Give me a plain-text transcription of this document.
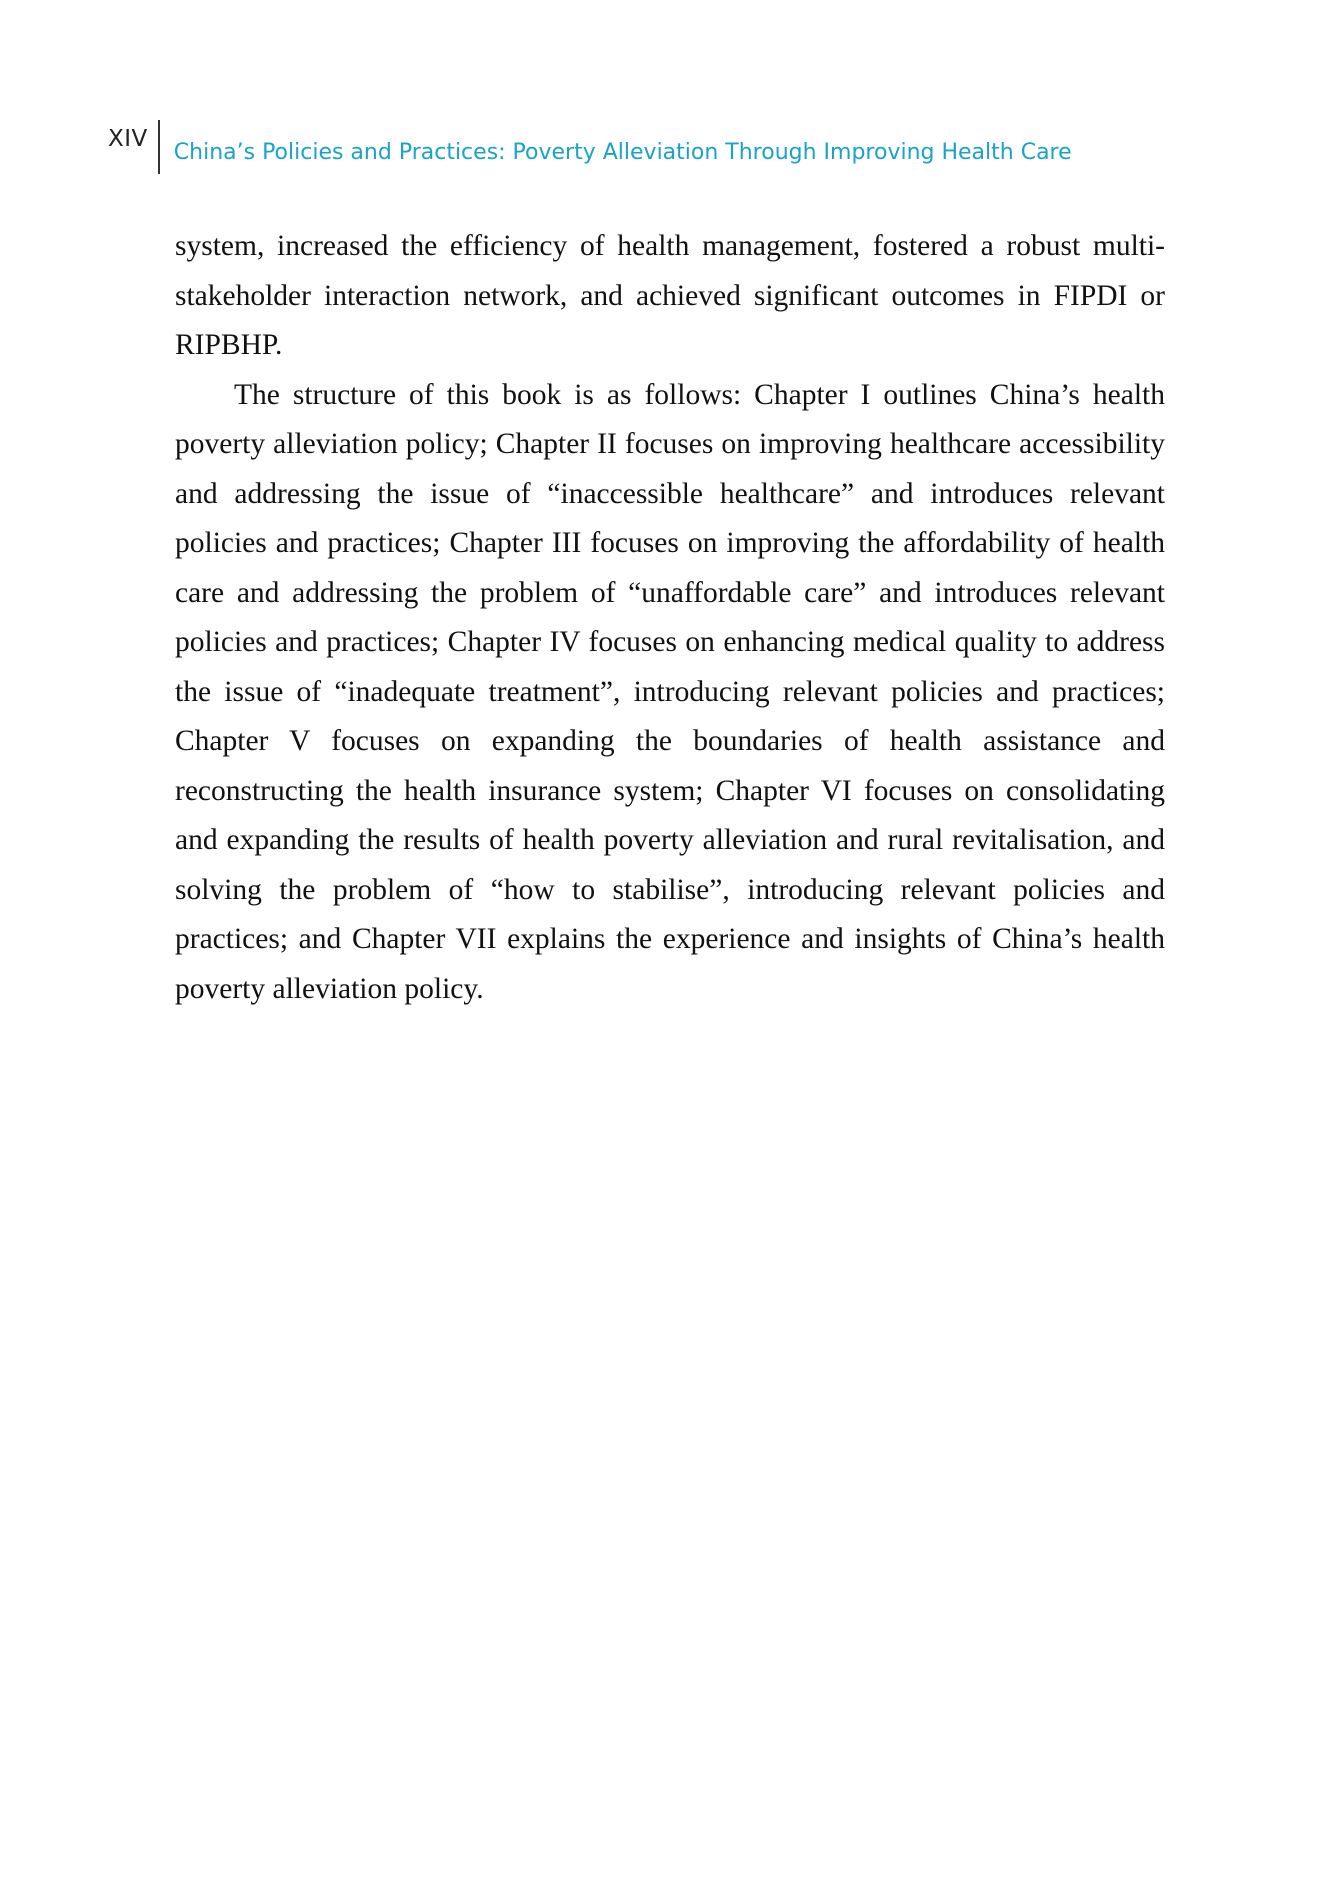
XIV
China’s Policies and Practices: Poverty Alleviation Through Improving Health Care

system, increased the efficiency of health management, fostered a robust multi-stakeholder interaction network, and achieved significant outcomes in FIPDI or RIPBHP.

The structure of this book is as follows: Chapter I outlines China’s health poverty alleviation policy; Chapter II focuses on improving healthcare accessibility and addressing the issue of “inaccessible healthcare” and introduces relevant policies and practices; Chapter III focuses on improving the affordability of health care and addressing the problem of “unaffordable care” and introduces relevant policies and practices; Chapter IV focuses on enhancing medical quality to address the issue of “inadequate treatment”, introducing relevant policies and practices; Chapter V focuses on expanding the boundaries of health assistance and reconstructing the health insurance system; Chapter VI focuses on consolidating and expanding the results of health poverty alleviation and rural revitalisation, and solving the problem of “how to stabilise”, introducing relevant policies and practices; and Chapter VII explains the experience and insights of China’s health poverty alleviation policy.
